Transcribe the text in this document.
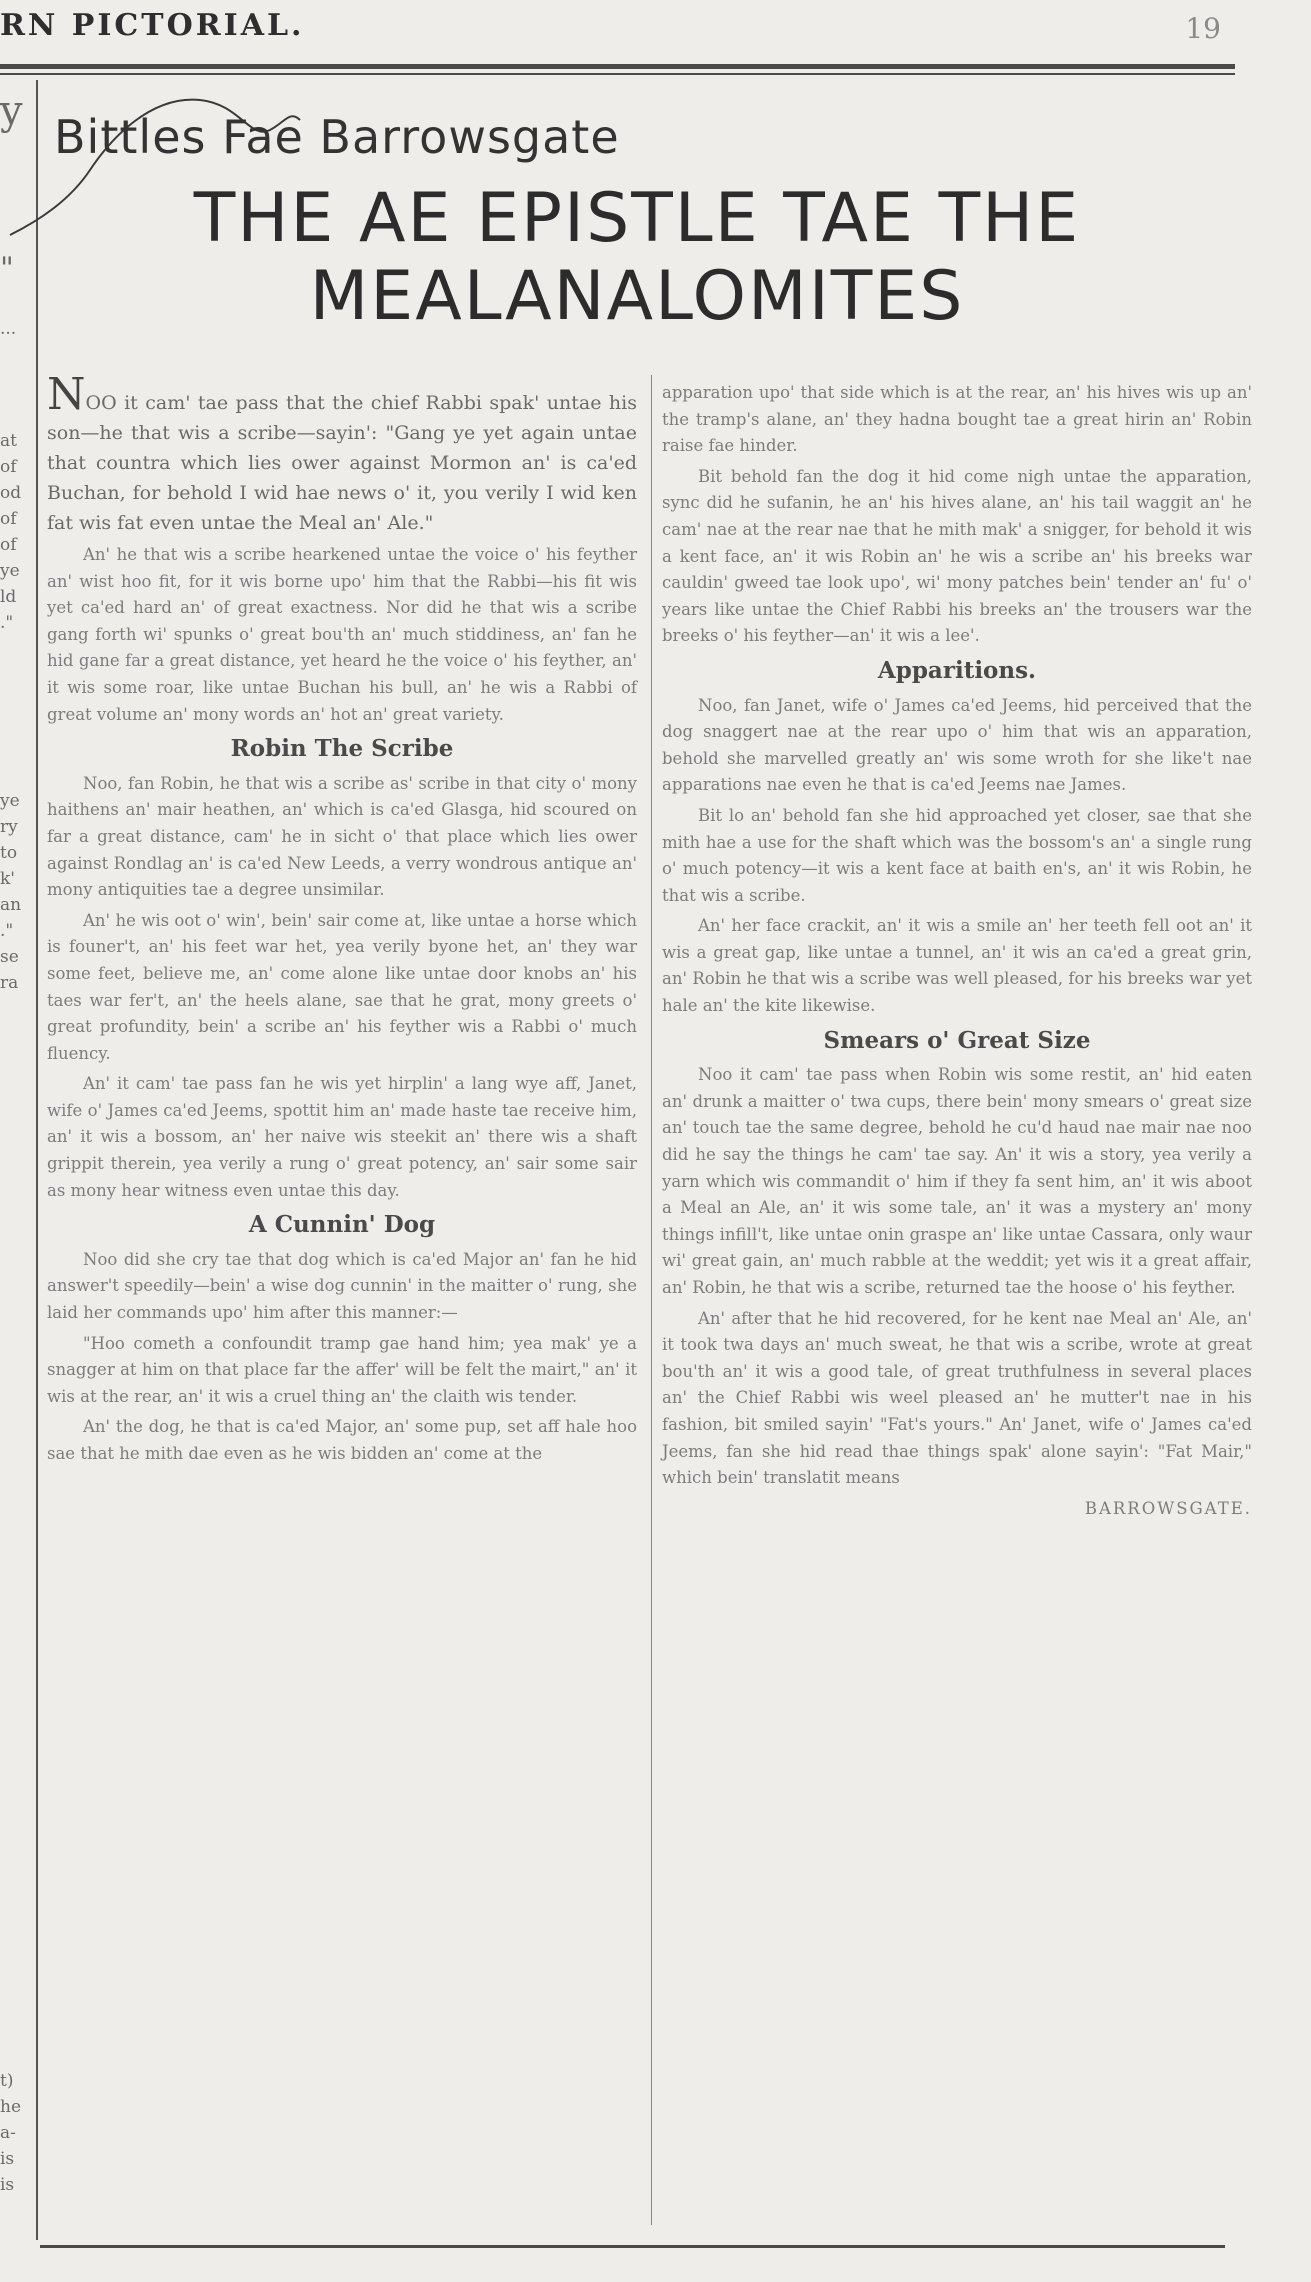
RN PICTORIAL.	19
y
"
...
at
of
od
of
of
ye
ld
."
ye
ry
to
k'
an
."
se
ra
t)
he
a-
is
is
Bittles Fae Barrowsgate
THE AE EPISTLE TAE THE
MEALANALOMITES

NOO it cam' tae pass that the chief Rabbi spak' untae his son—he that wis a scribe—sayin': "Gang ye yet again untae that countra which lies ower against Mormon an' is ca'ed Buchan, for behold I wid hae news o' it, you verily I wid ken fat wis fat even untae the Meal an' Ale."

An' he that wis a scribe hearkened untae the voice o' his feyther an' wist hoo fit, for it wis borne upo' him that the Rabbi—his fit wis yet ca'ed hard an' of great exactness. Nor did he that wis a scribe gang forth wi' spunks o' great bou'th an' much stiddiness, an' fan he hid gane far a great distance, yet heard he the voice o' his feyther, an' it wis some roar, like untae Buchan his bull, an' he wis a Rabbi of great volume an' mony words an' hot an' great variety.

Robin The Scribe

Noo, fan Robin, he that wis a scribe as' scribe in that city o' mony haithens an' mair heathen, an' which is ca'ed Glasga, hid scoured on far a great distance, cam' he in sicht o' that place which lies ower against Rondlag an' is ca'ed New Leeds, a verry wondrous antique an' mony antiquities tae a degree unsimilar.

An' he wis oot o' win', bein' sair come at, like untae a horse which is founer't, an' his feet war het, yea verily byone het, an' they war some feet, believe me, an' come alone like untae door knobs an' his taes war fer't, an' the heels alane, sae that he grat, mony greets o' great profundity, bein' a scribe an' his feyther wis a Rabbi o' much fluency.

An' it cam' tae pass fan he wis yet hirplin' a lang wye aff, Janet, wife o' James ca'ed Jeems, spottit him an' made haste tae receive him, an' it wis a bossom, an' her naive wis steekit an' there wis a shaft grippit therein, yea verily a rung o' great potency, an' sair some sair as mony hear witness even untae this day.

A Cunnin' Dog

Noo did she cry tae that dog which is ca'ed Major an' fan he hid answer't speedily—bein' a wise dog cunnin' in the maitter o' rung, she laid her commands upo' him after this manner:—

"Hoo cometh a confoundit tramp gae hand him; yea mak' ye a snagger at him on that place far the affer' will be felt the mairt," an' it wis at the rear, an' it wis a cruel thing an' the claith wis tender.

An' the dog, he that is ca'ed Major, an' some pup, set aff hale hoo sae that he mith dae even as he wis bidden an' come at the

apparation upo' that side which is at the rear, an' his hives wis up an' the tramp's alane, an' they hadna bought tae a great hirin an' Robin raise fae hinder.

Bit behold fan the dog it hid come nigh untae the apparation, sync did he sufanin, he an' his hives alane, an' his tail waggit an' he cam' nae at the rear nae that he mith mak' a snigger, for behold it wis a kent face, an' it wis Robin an' he wis a scribe an' his breeks war cauldin' gweed tae look upo', wi' mony patches bein' tender an' fu' o' years like untae the Chief Rabbi his breeks an' the trousers war the breeks o' his feyther—an' it wis a lee'.

Apparitions.

Noo, fan Janet, wife o' James ca'ed Jeems, hid perceived that the dog snaggert nae at the rear upo o' him that wis an apparation, behold she marvelled greatly an' wis some wroth for she like't nae apparations nae even he that is ca'ed Jeems nae James.

Bit lo an' behold fan she hid approached yet closer, sae that she mith hae a use for the shaft which was the bossom's an' a single rung o' much potency—it wis a kent face at baith en's, an' it wis Robin, he that wis a scribe.

An' her face crackit, an' it wis a smile an' her teeth fell oot an' it wis a great gap, like untae a tunnel, an' it wis an ca'ed a great grin, an' Robin he that wis a scribe was well pleased, for his breeks war yet hale an' the kite likewise.

Smears o' Great Size

Noo it cam' tae pass when Robin wis some restit, an' hid eaten an' drunk a maitter o' twa cups, there bein' mony smears o' great size an' touch tae the same degree, behold he cu'd haud nae mair nae noo did he say the things he cam' tae say. An' it wis a story, yea verily a yarn which wis commandit o' him if they fa sent him, an' it wis aboot a Meal an Ale, an' it wis some tale, an' it was a mystery an' mony things infill't, like untae onin graspe an' like untae Cassara, only waur wi' great gain, an' much rabble at the weddit; yet wis it a great affair, an' Robin, he that wis a scribe, returned tae the hoose o' his feyther.

An' after that he hid recovered, for he kent nae Meal an' Ale, an' it took twa days an' much sweat, he that wis a scribe, wrote at great bou'th an' it wis a good tale, of great truthfulness in several places an' the Chief Rabbi wis weel pleased an' he mutter't nae in his fashion, bit smiled sayin' "Fat's yours." An' Janet, wife o' James ca'ed Jeems, fan she hid read thae things spak' alone sayin': "Fat Mair," which bein' translatit means

BARROWSGATE.
